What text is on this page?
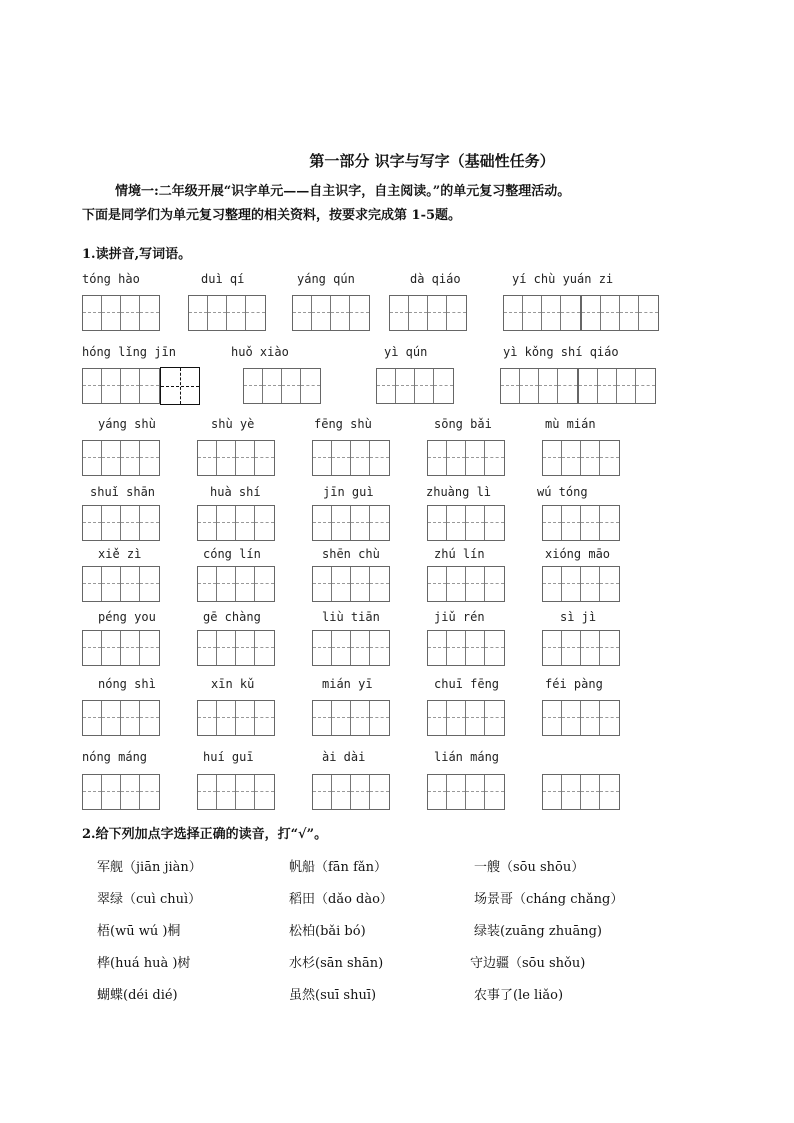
第一部分 识字与写字（基础性任务）
情境一:二年级开展“识字单元——自主识字，自主阅读。”的单元复习整理活动。
下面是同学们为单元复习整理的相关资料，按要求完成第 1-5题。
1.读拼音,写词语。
tóng hào	duì qí	yáng qún	dà qiáo	yí chù yuán zi
hóng lǐng jīn	huǒ xiào	yì qún	yì kǒng shí qiáo
yáng shù	shù yè	fēng shù	sōng bǎi	mù mián
shuǐ shān	huà shí	jīn guì	zhuàng lì	wú tóng
xiě zì	cóng lín	shēn chù	zhú lín	xióng māo
péng you	gē chàng	liù tiān	jiǔ rén	sì jì
nóng shì	xīn kǔ	mián yī	chuī fēng	féi pàng
nóng máng	huí guī	ài dài	lián máng
2.给下列加点字选择正确的读音，打“√”。
军舰（jiān jiàn）	帆船（fān fǎn）	一艘（sōu shōu）
翠绿（cuì chuì）	稻田（dǎo dào）	场景哥（cháng chǎng）
梧(wū wú )桐	松柏(bǎi bó)	绿装(zuāng zhuāng)
桦(huá huà )树	水杉(sān shān)	守边疆（sōu shǒu)
蝴蝶(déi dié)	虽然(suī shuī)	农事了(le liǎo)
